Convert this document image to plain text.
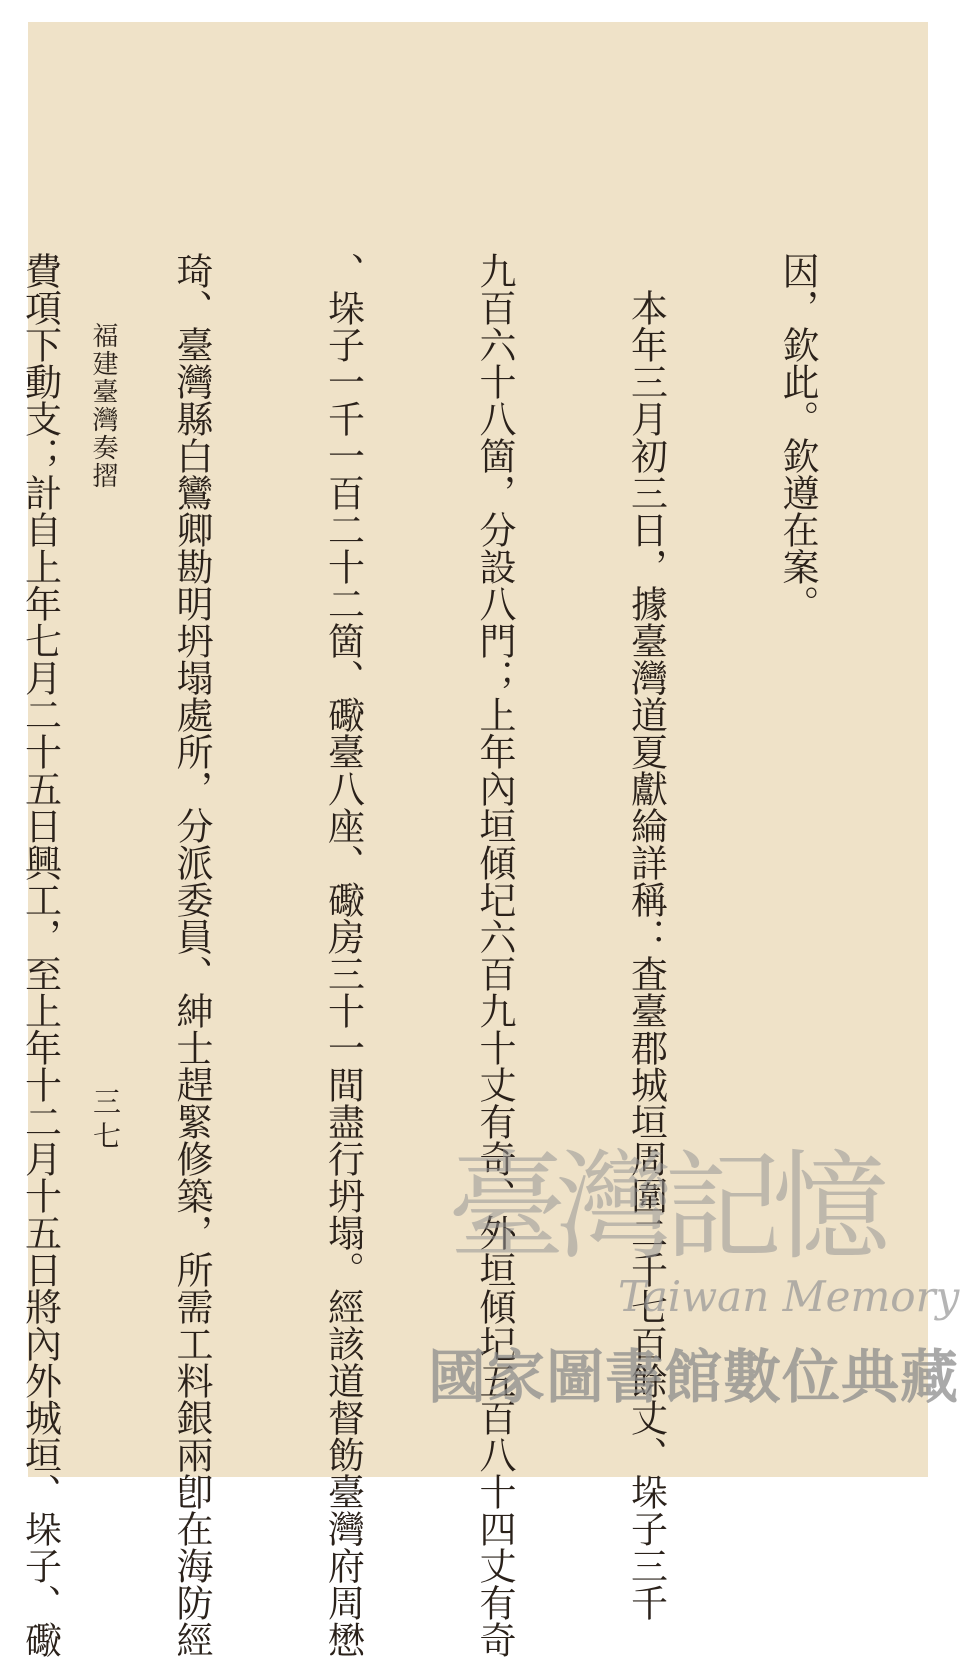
因，欽此。欽遵在案。

　本年三月初三日，據臺灣道夏獻綸詳稱：査臺郡城垣周圍二千七百餘丈、垛子三千

九百六十八箇，分設八門；上年內垣傾圮六百九十丈有奇、外垣傾圮五百八十四丈有奇

、垛子一千一百二十二箇、礮臺八座、礮房三十一間盡行坍塌。經該道督飭臺灣府周懋

琦、臺灣縣白鸞卿勘明坍塌處所，分派委員、紳士趕緊修築，所需工料銀兩卽在海防經

費項下動支；計自上年七月二十五日興工，至上年十二月十五日將內外城垣、垛子、礮

福建臺灣奏摺
三七
臺灣記憶
Taiwan Memory
國家圖書館數位典藏
